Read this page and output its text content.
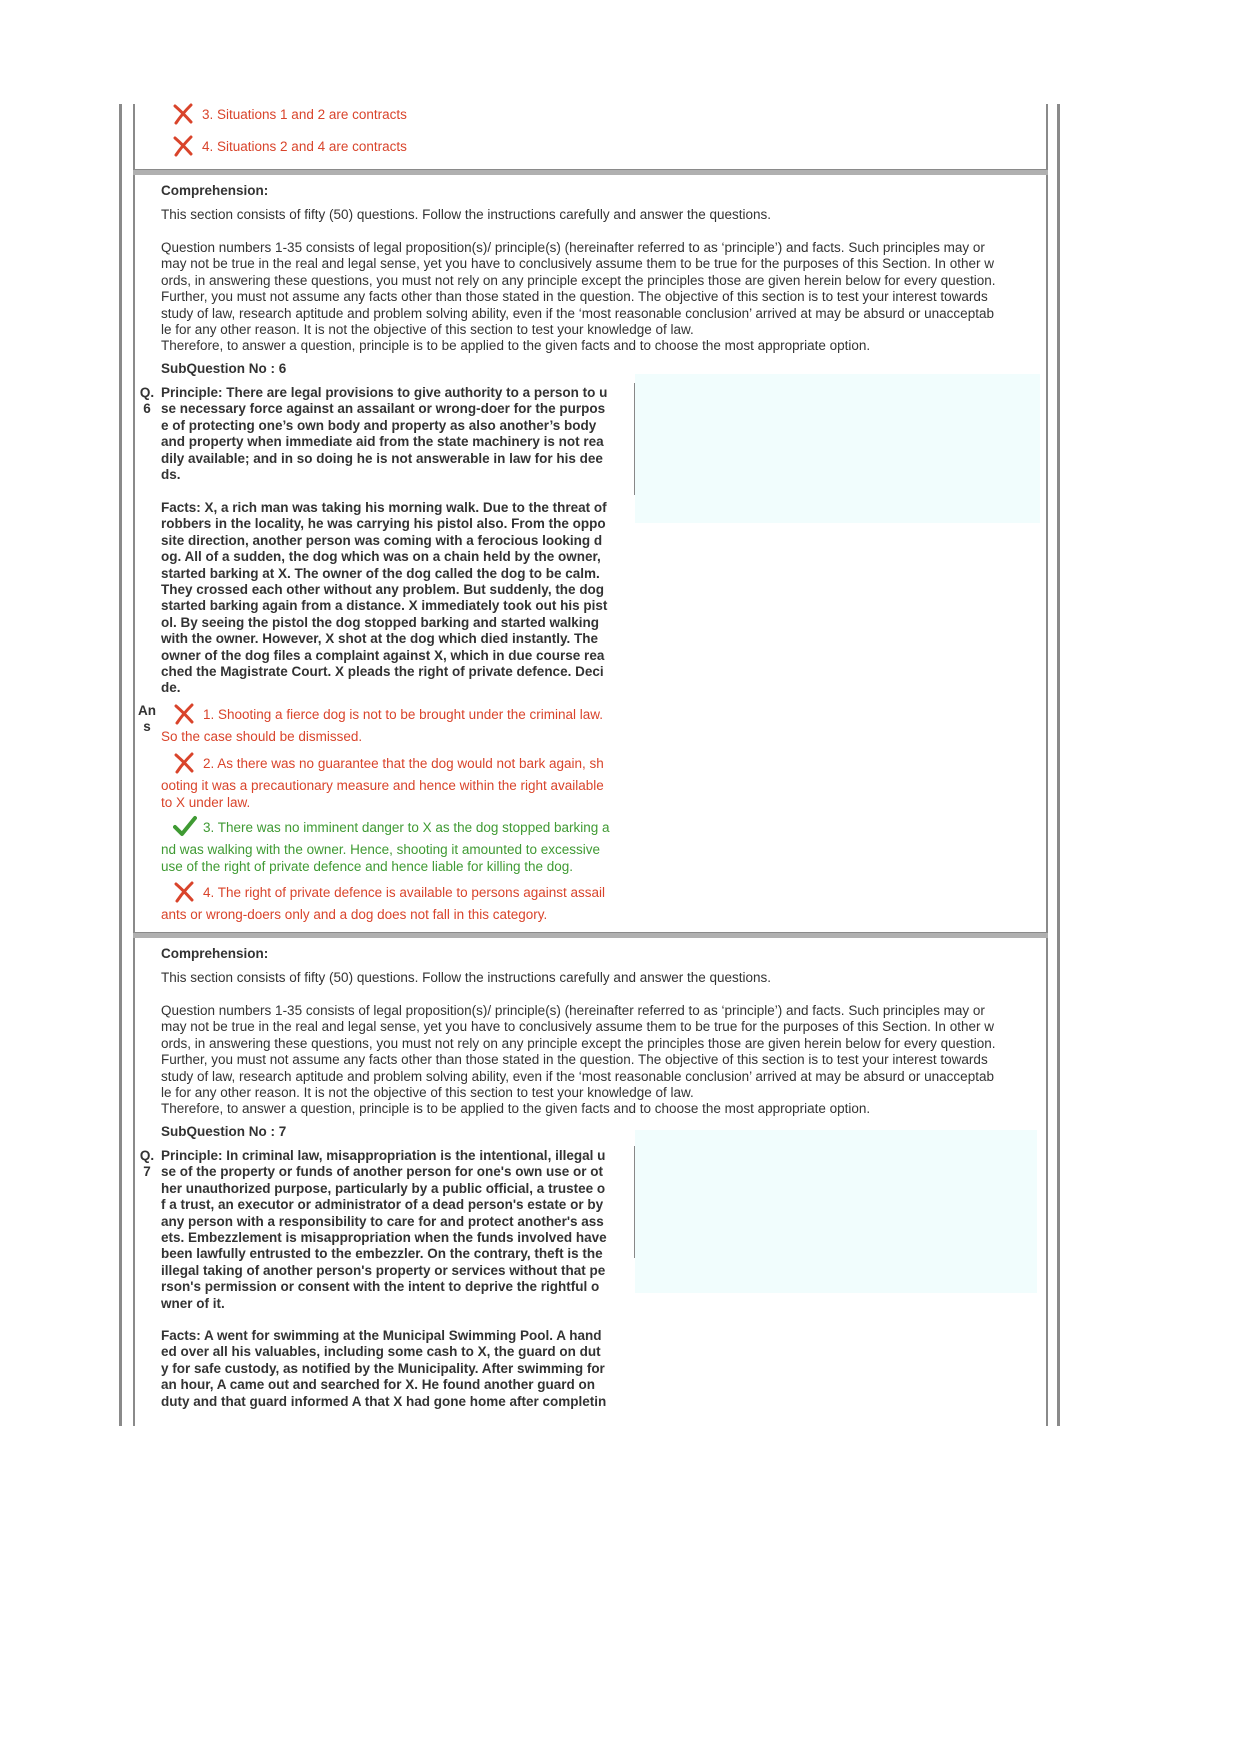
3. Situations 1 and 2 are contracts
4. Situations 2 and 4 are contracts
Comprehension:
This section consists of fifty (50) questions. Follow the instructions carefully and answer the questions.
Question numbers 1-35 consists of legal proposition(s)/ principle(s) (hereinafter referred to as ‘principle’) and facts. Such principles may or
may not be true in the real and legal sense, yet you have to conclusively assume them to be true for the purposes of this Section. In other w
ords, in answering these questions, you must not rely on any principle except the principles those are given herein below for every question.
Further, you must not assume any facts other than those stated in the question. The objective of this section is to test your interest towards
study of law, research aptitude and problem solving ability, even if the ‘most reasonable conclusion’ arrived at may be absurd or unacceptab
le for any other reason. It is not the objective of this section to test your knowledge of law.
Therefore, to answer a question, principle is to be applied to the given facts and to choose the most appropriate option.
SubQuestion No : 6
Q.
6
Principle: There are legal provisions to give authority to a person to u
se necessary force against an assailant or wrong-doer for the purpos
e of protecting one’s own body and property as also another’s body
and property when immediate aid from the state machinery is not rea
dily available; and in so doing he is not answerable in law for his dee
ds.
Facts: X, a rich man was taking his morning walk. Due to the threat of
robbers in the locality, he was carrying his pistol also. From the oppo
site direction, another person was coming with a ferocious looking d
og. All of a sudden, the dog which was on a chain held by the owner,
started barking at X. The owner of the dog called the dog to be calm.
They crossed each other without any problem. But suddenly, the dog
started barking again from a distance. X immediately took out his pist
ol. By seeing the pistol the dog stopped barking and started walking
with the owner. However, X shot at the dog which died instantly. The
owner of the dog files a complaint against X, which in due course rea
ched the Magistrate Court. X pleads the right of private defence. Deci
de.
An
s
1. Shooting a fierce dog is not to be brought under the criminal law.
So the case should be dismissed.
2. As there was no guarantee that the dog would not bark again, sh
ooting it was a precautionary measure and hence within the right available
to X under law.
3. There was no imminent danger to X as the dog stopped barking a
nd was walking with the owner. Hence, shooting it amounted to excessive
use of the right of private defence and hence liable for killing the dog.
4. The right of private defence is available to persons against assail
ants or wrong-doers only and a dog does not fall in this category.
Comprehension:
This section consists of fifty (50) questions. Follow the instructions carefully and answer the questions.
Question numbers 1-35 consists of legal proposition(s)/ principle(s) (hereinafter referred to as ‘principle’) and facts. Such principles may or
may not be true in the real and legal sense, yet you have to conclusively assume them to be true for the purposes of this Section. In other w
ords, in answering these questions, you must not rely on any principle except the principles those are given herein below for every question.
Further, you must not assume any facts other than those stated in the question. The objective of this section is to test your interest towards
study of law, research aptitude and problem solving ability, even if the ‘most reasonable conclusion’ arrived at may be absurd or unacceptab
le for any other reason. It is not the objective of this section to test your knowledge of law.
Therefore, to answer a question, principle is to be applied to the given facts and to choose the most appropriate option.
SubQuestion No : 7
Q.
7
Principle: In criminal law, misappropriation is the intentional, illegal u
se of the property or funds of another person for one's own use or ot
her unauthorized purpose, particularly by a public official, a trustee o
f a trust, an executor or administrator of a dead person's estate or by
any person with a responsibility to care for and protect another's ass
ets. Embezzlement is misappropriation when the funds involved have
been lawfully entrusted to the embezzler. On the contrary, theft is the
illegal taking of another person's property or services without that pe
rson's permission or consent with the intent to deprive the rightful o
wner of it.
Facts: A went for swimming at the Municipal Swimming Pool. A hand
ed over all his valuables, including some cash to X, the guard on dut
y for safe custody, as notified by the Municipality. After swimming for
an hour, A came out and searched for X. He found another guard on
duty and that guard informed A that X had gone home after completin
